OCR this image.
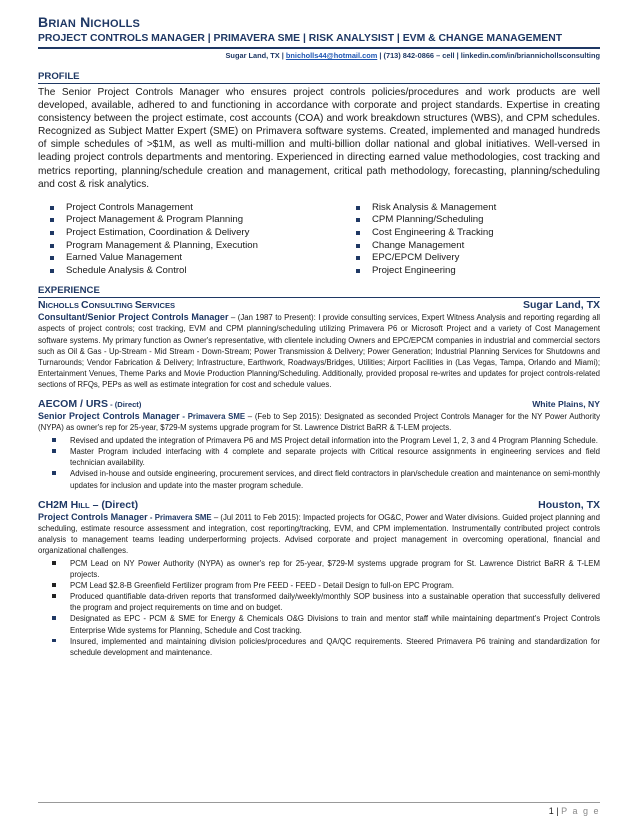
BRIAN NICHOLLS
PROJECT CONTROLS MANAGER | PRIMAVERA SME | RISK ANALYSIST | EVM & CHANGE MANAGEMENT
Sugar Land, TX | bnicholls44@hotmail.com | (713) 842-0866 – cell | linkedin.com/in/briannichollsconsulting
PROFILE
The Senior Project Controls Manager who ensures project controls policies/procedures and work products are well developed, available, adhered to and functioning in accordance with corporate and project standards. Expertise in creating consistency between the project estimate, cost accounts (COA) and work breakdown structures (WBS), and CPM schedules. Recognized as Subject Matter Expert (SME) on Primavera software systems. Created, implemented and managed hundreds of simple schedules of >$1M, as well as multi-million and multi-billion dollar national and global initiatives. Well-versed in leading project controls departments and mentoring. Experienced in directing earned value methodologies, cost tracking and metrics reporting, planning/schedule creation and management, critical path methodology, forecasting, planning/scheduling and cost & risk analytics.
Project Controls Management
Project Management & Program Planning
Project Estimation, Coordination & Delivery
Program Management & Planning, Execution
Earned Value Management
Schedule Analysis & Control
Risk Analysis & Management
CPM Planning/Scheduling
Cost Engineering & Tracking
Change Management
EPC/EPCM Delivery
Project Engineering
EXPERIENCE
NICHOLLS CONSULTING SERVICES	Sugar Land, TX
Consultant/Senior Project Controls Manager – (Jan 1987 to Present): I provide consulting services, Expert Witness Analysis and reporting regarding all aspects of project controls; cost tracking, EVM and CPM planning/scheduling utilizing Primavera P6 or Microsoft Project and a variety of Cost Management software systems. My primary function as Owner's representative, with clientele including Owners and EPC/EPCM companies in industrial and commercial sectors such as Oil & Gas - Up-Stream - Mid Stream - Down-Stream; Power Transmission & Delivery; Power Generation; Industrial Planning Services for Shutdowns and Turnarounds; Vendor Fabrication & Delivery; Infrastructure, Earthwork, Roadways/Bridges, Utilities; Airport Facilities in (Las Vegas, Tampa, Orlando and Miami); Entertainment Venues, Theme Parks and Movie Production Planning/Scheduling. Additionally, provided proposal re-writes and updates for project controls-related sections of RFQs, PEPs as well as estimate integration for cost and schedule values.
AECOM / URS - (Direct)	White Plains, NY
Senior Project Controls Manager - Primavera SME – (Feb to Sep 2015): Designated as seconded Project Controls Manager for the NY Power Authority (NYPA) as owner's rep for 25-year, $729-M systems upgrade program for St. Lawrence District BaRR & T-LEM projects.
Revised and updated the integration of Primavera P6 and MS Project detail information into the Program Level 1, 2, 3 and 4 Program Planning Schedule.
Master Program included interfacing with 4 complete and separate projects with Critical resource assignments in engineering services and field technician availability.
Advised in-house and outside engineering, procurement services, and direct field contractors in plan/schedule creation and maintenance on semi-monthly updates for inclusion and update into the master program schedule.
CH2M HILL – (Direct)	Houston, TX
Project Controls Manager - Primavera SME – (Jul 2011 to Feb 2015): Impacted projects for OG&C, Power and Water divisions. Guided project planning and scheduling, estimate resource assessment and integration, cost reporting/tracking, EVM, and CPM implementation. Instrumentally contributed project controls analysis to management teams leading underperforming projects. Advised corporate and project management in overcoming operational, financial and organizational challenges.
PCM Lead on NY Power Authority (NYPA) as owner's rep for 25-year, $729-M systems upgrade program for St. Lawrence District BaRR & T-LEM projects.
PCM Lead $2.8-B Greenfield Fertilizer program from Pre FEED - FEED - Detail Design to full-on EPC Program.
Produced quantifiable data-driven reports that transformed daily/weekly/monthly SOP business into a sustainable operation that successfully delivered the program and project requirements on time and on budget.
Designated as EPC - PCM & SME for Energy & Chemicals O&G Divisions to train and mentor staff while maintaining department's Project Controls Enterprise Wide systems for Planning, Schedule and Cost tracking.
Insured, implemented and maintaining division policies/procedures and QA/QC requirements. Steered Primavera P6 training and standardization for schedule development and maintenance.
1 | P a g e
